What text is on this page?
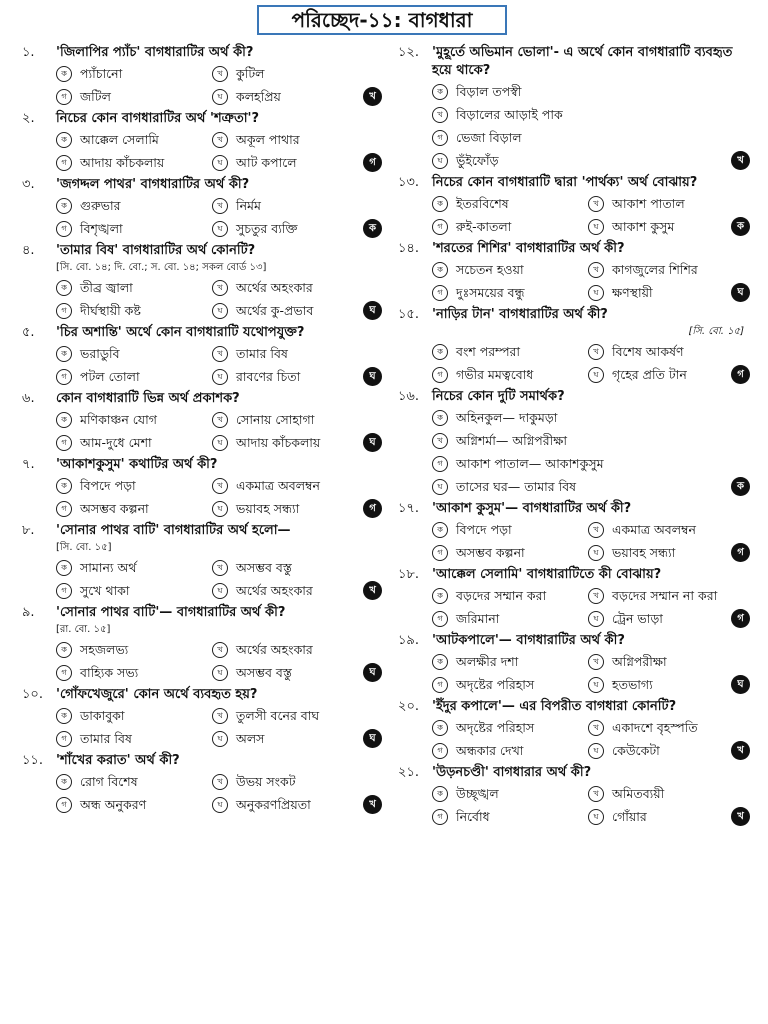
পরিচ্ছেদ-১১: বাগধারা
১.	'জিলাপির প্যাঁচ' বাগধারাটির অর্থ কী?
ক	প্যাঁচানো	খ	কুটিল
গ	জটিল	ঘ	কলহপ্রিয়	খ
২.	নিচের কোন বাগধারাটির অর্থ 'শত্রুতা'?
ক	আক্কেল সেলামি	খ	অকূল পাথার
গ	আদায় কাঁচকলায়	ঘ	আট কপালে	গ
৩.	'জগদ্দল পাথর' বাগধারাটির অর্থ কী?
ক	গুরুভার	খ	নির্মম
গ	বিশৃঙ্খলা	ঘ	সুচতুর ব্যক্তি	ক
৪.	'তামার বিষ' বাগধারাটির অর্থ কোনটি?
[সি. বো. ১৪; দি. বো.; স. বো. ১৪; সকল বোর্ড ১৩]
ক	তীব্র জ্বালা	খ	অর্থের অহংকার
গ	দীর্ঘস্থায়ী কষ্ট	ঘ	অর্থের কু-প্রভাব	ঘ
৫.	'চির অশান্তি' অর্থে কোন বাগধারাটি যথোপযুক্ত?
ক	ভরাডুবি	খ	তামার বিষ
গ	পটল তোলা	ঘ	রাবণের চিতা	ঘ
৬.	কোন বাগধারাটি ভিন্ন অর্থ প্রকাশক?
ক	মণিকাঞ্চন যোগ	খ	সোনায় সোহাগা
গ	আম-দুধে মেশা	ঘ	আদায় কাঁচকলায়	ঘ
৭.	'আকাশকুসুম' কথাটির অর্থ কী?
ক	বিপদে পড়া	খ	একমাত্র অবলম্বন
গ	অসম্ভব কল্পনা	ঘ	ভয়াবহ সন্ধ্যা	গ
৮.	'সোনার পাথর বাটি' বাগধারাটির অর্থ হলো—
[সি. বো. ১৫]
ক	সামান্য অর্থ	খ	অসম্ভব বস্তু
গ	সুখে থাকা	ঘ	অর্থের অহংকার	খ
৯.	'সোনার পাথর বাটি'— বাগধারাটির অর্থ কী?
[রা. বো. ১৫]
ক	সহজলভ্য	খ	অর্থের অহংকার
গ	বাহ্যিক সভ্য	ঘ	অসম্ভব বস্তু	ঘ
১০. 'গোঁফখেজুরে' কোন অর্থে ব্যবহৃত হয়?
ক	ডাকাবুকা	খ	তুলসী বনের বাঘ
গ	তামার বিষ	ঘ	অলস	ঘ
১১. 'শাঁখের করাত' অর্থ কী?
ক	রোগ বিশেষ	খ	উভয় সংকট
গ	অন্ধ অনুকরণ	ঘ	অনুকরণপ্রিয়তা	খ
১২. 'মুহূর্তে অভিমান ভোলা'- এ অর্থে কোন বাগধারাটি ব্যবহৃত হয়ে থাকে?
ক	বিড়াল তপস্বী
খ	বিড়ালের আড়াই পাক
গ	ভেজা বিড়াল
ঘ	ভুঁইফোঁড়	খ
১৩. নিচের কোন বাগধারাটি দ্বারা 'পার্থক্য' অর্থ বোঝায়?
ক	ইতরবিশেষ	খ	আকাশ পাতাল
গ	রুই-কাতলা	ঘ	আকাশ কুসুম	ক
১৪. 'শরতের শিশির' বাগধারাটির অর্থ কী?
ক	সচেতন হওয়া	খ	কাগজুলের শিশির
গ	দুঃসময়ের বন্ধু	ঘ	ক্ষণস্থায়ী	ঘ
১৫. 'নাড়ির টান' বাগধারাটির অর্থ কী?
[সি. বো. ১৫]
ক	বংশ পরম্পরা	খ	বিশেষ আকর্ষণ
গ	গভীর মমত্ববোধ	ঘ	গৃহের প্রতি টান	গ
১৬. নিচের কোন দুটি সমার্থক?
ক	অহিনকুল— দাকুমড়া
খ	অগ্নিশর্মা— অগ্নিপরীক্ষা
গ	আকাশ পাতাল— আকাশকুসুম
ঘ	তাসের ঘর— তামার বিষ	ক
১৭. 'আকাশ কুসুম'— বাগধারাটির অর্থ কী?
ক	বিপদে পড়া	খ	একমাত্র অবলম্বন
গ	অসম্ভব কল্পনা	ঘ	ভয়াবহ সন্ধ্যা	গ
১৮. 'আক্কেল সেলামি' বাগধারাটিতে কী বোঝায়?
ক	বড়দের সম্মান করা	খ	বড়দের সম্মান না করা
গ	জরিমানা	ঘ	ট্রেন ভাড়া	গ
১৯. 'আটকপালে'— বাগধারাটির অর্থ কী?
ক	অলক্ষীর দশা	খ	অগ্নিপরীক্ষা
গ	অদৃষ্টের পরিহাস	ঘ	হতভাগ্য	ঘ
২০. 'ইঁদুর কপালে'— এর বিপরীত বাগধারা কোনটি?
ক	অদৃষ্টের পরিহাস	খ	একাদশে বৃহস্পতি
গ	অন্ধকার দেখা	ঘ	কেউকেটা	খ
২১. 'উড়নচণ্ডী' বাগধারার অর্থ কী?
ক	উচ্ছৃঙ্খল	খ	অমিতব্যয়ী
গ	নির্বোধ	ঘ	গোঁয়ার	খ
